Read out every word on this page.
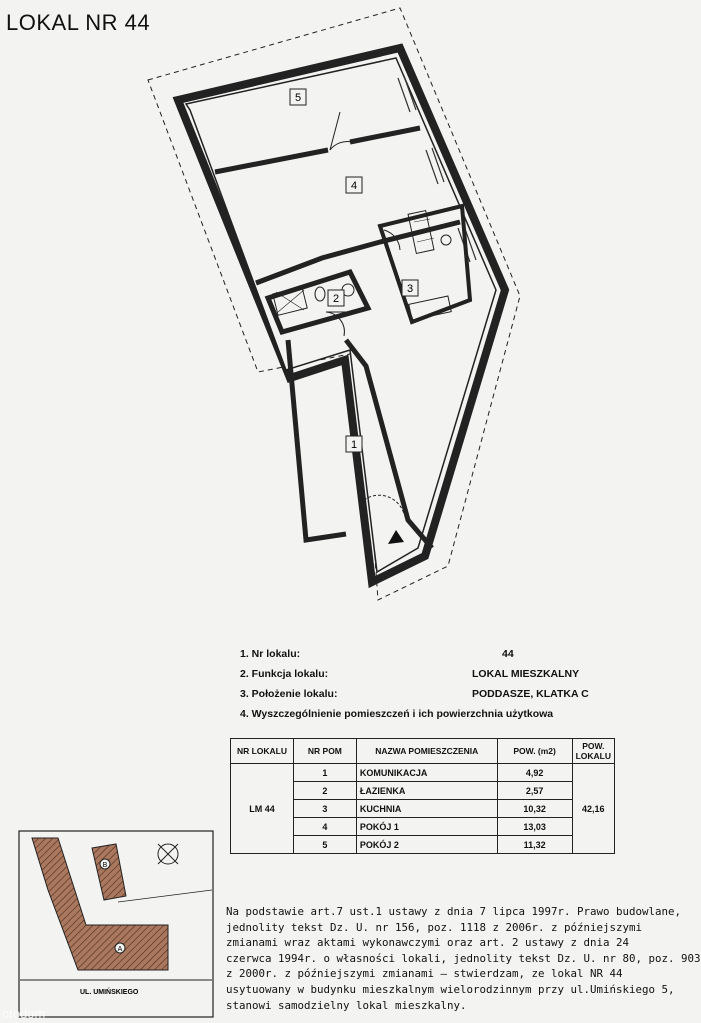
LOKAL NR 44
5
4
3
2
1
1. Nr lokalu:	44
2. Funkcja lokalu:	LOKAL MIESZKALNY
3. Położenie lokalu:	PODDASZE, KLATKA C
4. Wyszczególnienie pomieszczeń i ich powierzchnia użytkowa
NR LOKALU	NR POM	NAZWA POMIESZCZENIA	POW. (m2)	POW. LOKALU
LM 44	1	KOMUNIKACJA	4,92	42,16
	2	ŁAZIENKA	2,57	
	3	KUCHNIA	10,32	
	4	POKÓJ 1	13,03	
	5	POKÓJ 2	11,32	
B
A
UL. UMIŃSKIEGO
Na podstawie art.7 ust.1 ustawy z dnia 7 lipca 1997r. Prawo budowlane,
jednolity tekst Dz. U. nr 156, poz. 1118 z 2006r. z późniejszymi
zmianami wraz aktami wykonawczymi oraz art. 2 ustawy z dnia 24
czerwca 1994r. o własności lokali, jednolity tekst Dz. U. nr 80, poz. 903
z 2000r. z późniejszymi zmianami – stwierdzam, ze lokal NR 44
usytuowany w budynku mieszkalnym wielorodzinnym przy ul.Umińskiego 5,
stanowi samodzielny lokal mieszkalny.
otodom
